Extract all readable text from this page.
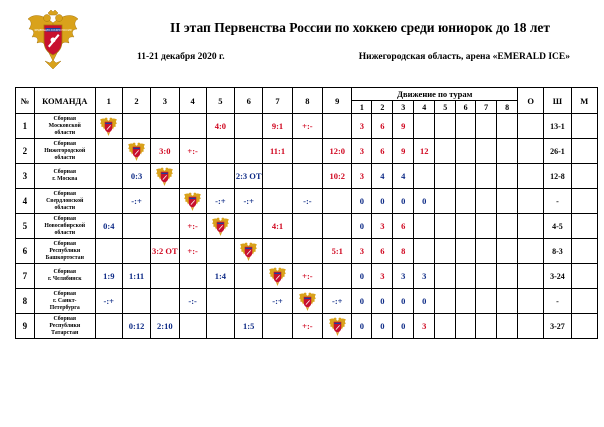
ФЕДЕРАЦИЯ ХОККЕЯ РОССИИ	II этап Первенства России по хоккею среди юниорок до 18 лет
11-21 декабря 2020 г.	Нижегородская область, арена «EMERALD ICE»
№	КОМАНДА	1	2	3	4	5	6	7	8	9	Движение по турам								О	Ш	М
											1	2	3	4	5	6	7	8			
1	Сборная
Московской
области					4:0		9:1	+:-		3	6	9							13-1	
2	Сборная
Нижегородской
области			3:0	+:-			11:1		12:0	3	6	9	12						26-1	
3	Сборная
г. Москва		0:3				2:3 ОТ			10:2	3	4	4							12-8	
4	Сборная
Свердловской
области		-:+			-:+	-:+		-:-		0	0	0	0						-	
5	Сборная
Новосибирской
области	0:4			+:-			4:1			0	3	6							4-5	
6	Сборная
Республики
Башкортостан			3:2 ОТ	+:-					5:1	3	6	8							8-3	
7	Сборная
г. Челябинск	1:9	1:11			1:4			+:-		0	3	3	3						3-24	
8	Сборная
г. Санкт-
Петербурга	-:+			-:-			-:+		-:+	0	0	0	0						-	
9	Сборная
Республики
Татарстан		0:12	2:10			1:5		+:-		0	0	0	3						3-27	
